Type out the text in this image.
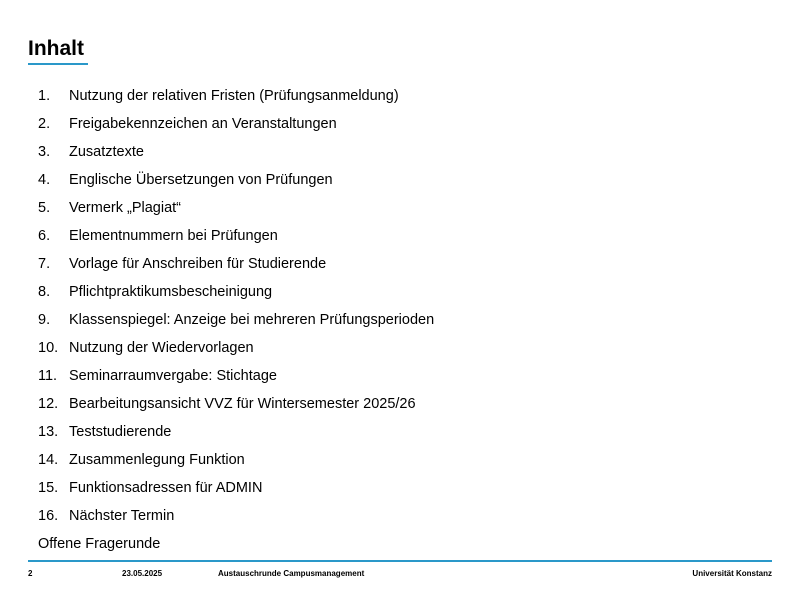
Inhalt
1.	Nutzung der relativen Fristen (Prüfungsanmeldung)
2.	Freigabekennzeichen an Veranstaltungen
3.	Zusatztexte
4.	Englische Übersetzungen von Prüfungen
5.	Vermerk „Plagiat“
6.	Elementnummern bei Prüfungen
7.	Vorlage für Anschreiben für Studierende
8.	Pflichtpraktikumsbescheinigung
9.	Klassenspiegel: Anzeige bei mehreren Prüfungsperioden
10. Nutzung der Wiedervorlagen
11. Seminarraumvergabe: Stichtage
12. Bearbeitungsansicht VVZ für Wintersemester 2025/26
13. Teststudierende
14. Zusammenlegung Funktion
15. Funktionsadressen für ADMIN
16. Nächster Termin
Offene Fragerunde
2	23.05.2025	Austauschrunde Campusmanagement	Universität Konstanz
